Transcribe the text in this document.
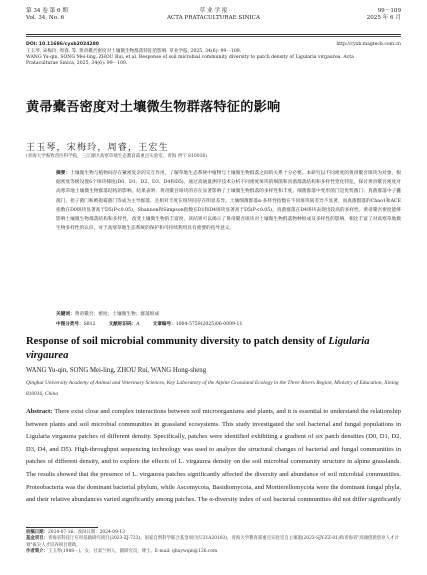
第 34 卷 第 6 期
Vol. 34, No. 6
草 业 学 报
ACTA PRATACULTURAE SINICA
99－109
2025 年 6 月
DOI: 10.11686/cyxb2024280	http://cyxb.magtech.com.cn
王玉琴, 宋梅玲, 周睿, 等. 黄帚橐吾密度对土壤微生物群落特征的影响. 草业学报, 2025, 34(6): 99－109.
WANG Yu-qin, SONG Mei-ling, ZHOU Rui, et al. Response of soil microbial community diversity to patch density of Ligularia virgaurea. Acta
Prataculturae Sinica, 2025, 34(6): 99－109.
黄帚橐吾密度对土壤微生物群落特征的影响
王玉琴，宋梅玲，周睿，王宏生
(青海大学畜牧兽医科学院，三江源区高寒草地生态教育部重点实验室，青海 西宁 810016)
摘要：土壤微生物与植物间存在紧密复杂的交互作用，了解草地生态系统中植物与土壤微生物群落之间的关系十分必要。本研究以不同密度的黄帚橐吾斑块为对象，根据密度等级设置6个斑块梯度(D0、D1、D2、D3、D4和D5)，通过高通量测序技术分析不同密度斑块的细菌和真菌群落结构和多样性变化特征，探讨黄帚橐吾密度对高寒草地土壤微生物群落结构的影响。结果表明：黄帚橐吾斑块的存在显著影响了土壤微生物群落的多样性和丰度。细菌群落中变形菌门是优势菌门；真菌群落中子囊菌门、担子菌门和被孢霉菌门等成为主导群落，且相对丰度在斑块间存在明显差异。土壤细菌群落α-多样性指数在不同斑块间差异不显著，而真菌群落的Chao1和ACE指数在D0斑块显著高于D5(P<0.05)，Shannon和Simpson指数在D1和D4斑块显著高于D5(P<0.05)。真菌群落在D4斑块表现出较高的多样性。黄帚橐吾密度能够影响土壤微生物群落结构和多样性，改变土壤微生物的丰富度，该结果可以揭示了黄帚橐吾斑块对土壤微生物群落物种组成及多样性的影响，相比丰富了对高寒草地微生物多样性的认识，对于高寒草地生态系统的保护和可持续利用具有重要的指导意义。
关键词：黄帚橐吾；密度；土壤微生物；群落组成
中图分类号：S812	文献标识码：A	文章编号：1004-5759(2025)06-0099-11
Response of soil microbial community diversity to patch density of Ligularia virgaurea
WANG Yu-qin, SONG Mei-ling, ZHOU Rui, WANG Hong-sheng
Qinghai University Academy of Animal and Veterinary Sciences, Key Laboratory of the Alpine Grassland Ecology in the Three Rivers Region, Ministry of Education, Xining 810016, China
Abstract: There exist close and complex interactions between soil microorganisms and plants, and it is essential to understand the relationship between plants and soil microbial communities in grassland ecosystems. This study investigated the soil bacterial and fungal populations in Ligularia virgaurea patches of different density. Specifically, patches were identified exhibiting a gradient of six patch densities (D0, D1, D2, D3, D4, and D5). High-throughput sequencing technology was used to analyze the structural changes of bacterial and fungal communities in patches of different density, and to explore the effects of L. virgaurea density on the soil microbial community structure in alpine grasslands. The results showed that the presence of L. virgaurea patches significantly affected the diversity and abundance of soil microbial communities. Proteobacteria was the dominant bacterial phylum, while Ascomycota, Basidiomycota, and Mortierellomycota were the dominant fungal phyla, and their relative abundances varied significantly among patches. The α-diversity index of soil bacterial communities did not differ significantly
收稿日期：2024-07-16；改回日期：2024-09-13
基金项目：青海省科技厅应用基础研究项目(2023-ZJ-723)，国家自然科学联合基金项目(U21A20183)，青海大学教育部重点实验室自主课题(2023-SJY-ZZ-01)和青海省"高端创新创业人才计划"拔尖人才培养项目资助。
作者简介：王玉琴(1988－)，女，甘肃兰州人，副研究员，博士。E-mail: qhuywqin@126.com
